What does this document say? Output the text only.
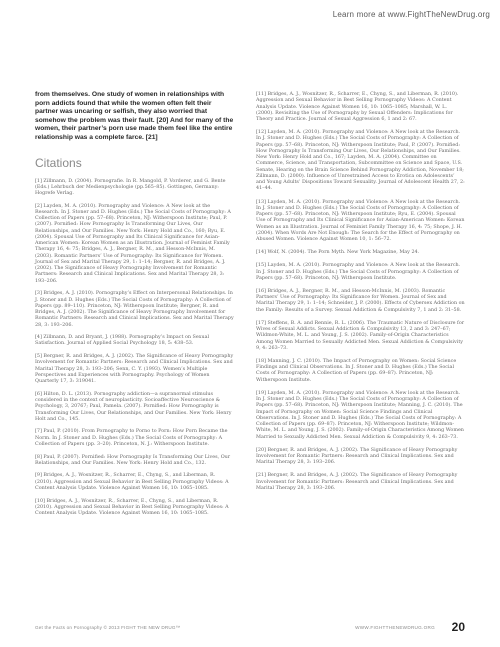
Learn more at www.FightTheNewDrug.org

from themselves. One study of women in relationships with porn addicts found that while the women often felt their partner was uncaring or selfish, they also worried that somehow the problem was their fault. [20] And for many of the women, their partner’s porn use made them feel like the entire relationship was a complete farce. [21]

Citations

[1] Zillmann, D. (2004). Pornografie. In R. Mangold, P. Vorderer, and G. Bente (Eds.) Lehrbuch der Medienpsychologie (pp.565–85). Gottingen, Germany: Hogrefe Verlag.

[2] Layden, M. A. (2010). Pornography and Violence: A New look at the Research. In J. Stoner and D. Hughes (Eds.) The Social Costs of Pornography: A Collection of Papers (pp. 57–68). Princeton, NJ: Witherspoon Institute; Paul, P. (2007). Pornified: How Pornography Is Transforming Our Lives, Our Relationships, and Our Families. New York: Henry Hold and Co., 160; Ryu, E. (2004). Spousal Use of Pornography and Its Clinical Significance for Asian-American Women: Korean Women as an Illustration. Journal of Feminist Family Therapy 16, 4: 75; Bridges, A. J., Bergner, R. M., and Hesson-McInnis, M. (2003). Romantic Partners’ Use of Pornography: Its Significance for Women. Journal of Sex and Marital Therapy 29, 1: 1–14; Bergner, R. and Bridges, A. J. (2002). The Significance of Heavy Pornography Involvement for Romantic Partners: Research and Clinical Implications. Sex and Marital Therapy 28, 3: 193–206.

[3] Bridges, A. J. (2010). Pornography’s Effect on Interpersonal Relationships. In J. Stoner and D. Hughes (Eds.) The Social Costs of Pornography: A Collection of Papers (pp. 89–110). Princeton, NJ: Witherspoon Institute; Bergner, R. and Bridges, A. J. (2002). The Significance of Heavy Pornography Involvement for Romantic Partners: Research and Clinical Implications. Sex and Marital Therapy 28, 3: 193–206.

[4] Zillmann, D. and Bryant, J. (1988). Pornography’s Impact on Sexual Satisfaction. Journal of Applied Social Psychology 18, 5: 438–53.

[5] Bergner, R. and Bridges, A. J. (2002). The Significance of Heavy Pornography Involvement for Romantic Partners: Research and Clinical Implications. Sex and Marital Therapy 28, 3: 193–206; Senn, C. Y. (1993). Women’s Multiple Perspectives and Experiences with Pornography. Psychology of Women Quarterly 17, 3: 319041.

[6] Hilton, D. L. (2013). Pornography addiction—a supranormal stimulus considered in the context of neuroplasticity. Socioaffective Neuroscience & Psychology, 3, 20767; Paul, Pamela. (2007). Pornified: How Pornography is Transforming Our Lives, Our Relationships, and Our Families. New York: Henry Holt and Co., 145.

[7] Paul, P. (2010). From Pornography to Porno to Porn: How Porn Became the Norm. In J. Stoner and D. Hughes (Eds.) The Social Costs of Pornography: A Collection of Papers (pp. 3–20). Princeton, N. J.: Witherspoon Institute.

[8] Paul, P. (2007). Pornified: How Pornography Is Transforming Our Lives, Our Relationships, and Our Families. New York: Henry Hold and Co., 132.

[9] Bridges, A. J., Wosnitzer, R., Scharrer, E., Chyng, S., and Liberman, R. (2010). Aggression and Sexual Behavior in Best Selling Pornography Videos: A Content Analysis Update. Violence Against Women 16, 10: 1065–1085.

[10] Bridges, A. J., Wosnitzer, R., Scharrer, E., Chyng, S., and Liberman, R. (2010). Aggression and Sexual Behavior in Best Selling Pornography Videos: A Content Analysis Update. Violence Against Women 16, 10: 1065–1085.

[11] Bridges, A. J., Wosnitzer, R., Scharrer, E., Chyng, S., and Liberman, R. (2010). Aggression and Sexual Behavior in Best Selling Pornography Videos: A Content Analysis Update. Violence Against Women 16, 10: 1065–1085; Marshall, W. L. (2000). Revisiting the Use of Pornography by Sexual Offenders: Implications for Theory and Practice. Journal of Sexual Aggression 6, 1 and 2: 67.

[12] Layden, M. A. (2010). Pornography and Violence: A New look at the Research. In J. Stoner and D. Hughes (Eds.) The Social Costs of Pornography: A Collection of Papers (pp. 57–68). Princeton, NJ: Witherspoon Institute; Paul, P. (2007). Pornified: How Pornography Is Transforming Our Lives, Our Relationships, and Our Families. New York: Henry Hold and Co., 167; Layden, M. A. (2004). Committee on Commerce, Science, and Transportation, Subcommittee on Science and Space, U.S. Senate, Hearing on the Brain Science Behind Pornography Addiction, November 18; Zillmann, D. (2000). Influence of Unrestrained Access to Erotica on Adolescents’ and Young Adults’ Dispositions Toward Sexuality. Journal of Adolescent Health 27, 2: 41–44.

[13] Layden, M. A. (2010). Pornography and Violence: A New look at the Research. In J. Stoner and D. Hughes (Eds.) The Social Costs of Pornography: A Collection of Papers (pp. 57–68). Princeton, NJ: Witherspoon Institute; Ryu, E. (2004). Spousal Use of Pornography and Its Clinical Significance for Asian-American Women: Korean Women as an Illustration. Journal of Feminist Family Therapy 16, 4: 75; Shope, J. H. (2004). When Words Are Not Enough: The Search for the Effect of Pornography on Abused Women. Violence Against Women 10, 1: 56–72.

[14] Wolf, N. (2004). The Porn Myth. New York Magazine, May 24.

[15] Layden, M. A. (2010). Pornography and Violence: A New look at the Research. In J. Stoner and D. Hughes (Eds.) The Social Costs of Pornography: A Collection of Papers (pp. 57–68). Princeton, NJ: Witherspoon Institute.

[16] Bridges, A. J., Bergner, R. M., and Hesson-McInnis, M. (2003). Romantic Partners’ Use of Pornography: Its Significance for Women. Journal of Sex and Marital Therapy 29, 1: 1–14; Schneider, J. P. (2000). Effects of Cybersex Addiction on the Family: Results of a Survey. Sexual Addiction & Compulsivity 7, 1 and 2: 31–58.

[17] Steffens, B. A. and Rennie, R. L. (2006). The Traumatic Nature of Disclosure for Wives of Sexual Addicts. Sexual Addiction & Compulsivity 13, 2 and 3: 247–67; Wildmon-White, M. L. and Young, J. S. (2002). Family-of-Origin Characteristics Among Women Married to Sexually Addicted Men. Sexual Addiction & Compulsivity 9, 4: 263–73.

[18] Manning, J. C. (2010). The Impact of Pornography on Women: Social Science Findings and Clinical Observations. In J. Stoner and D. Hughes (Eds.) The Social Costs of Pornography: A Collection of Papers (pp. 69–87). Princeton, NJ: Witherspoon Institute.

[19] Layden, M. A. (2010). Pornography and Violence: A New look at the Research. In J. Stoner and D. Hughes (Eds.) The Social Costs of Pornography: A Collection of Papers (pp. 57–68). Princeton, NJ: Witherspoon Institute; Manning, J. C. (2010). The Impact of Pornography on Women: Social Science Findings and Clinical Observations. In J. Stoner and D. Hughes (Eds.) The Social Costs of Pornography: A Collection of Papers (pp. 69–87). Princeton, NJ: Witherspoon Institute; Wildmon-White, M. L. and Young, J. S. (2002). Family-of-Origin Characteristics Among Women Married to Sexually Addicted Men. Sexual Addiction & Compulsivity 9, 4: 263–73.

[20] Bergner, R. and Bridges, A. J. (2002). The Significance of Heavy Pornography Involvement for Romantic Partners: Research and Clinical Implications. Sex and Marital Therapy 28, 3: 193–206.

[21] Bergner, R. and Bridges, A. J. (2002). The Significance of Heavy Pornography Involvement for Romantic Partners: Research and Clinical Implications. Sex and Marital Therapy 28, 3: 193–206.

Get the Facts on Pornography © 2013 FIGHT THE NEW DRUG™	WWW.FIGHTTHENEWDRUG.ORG 20
